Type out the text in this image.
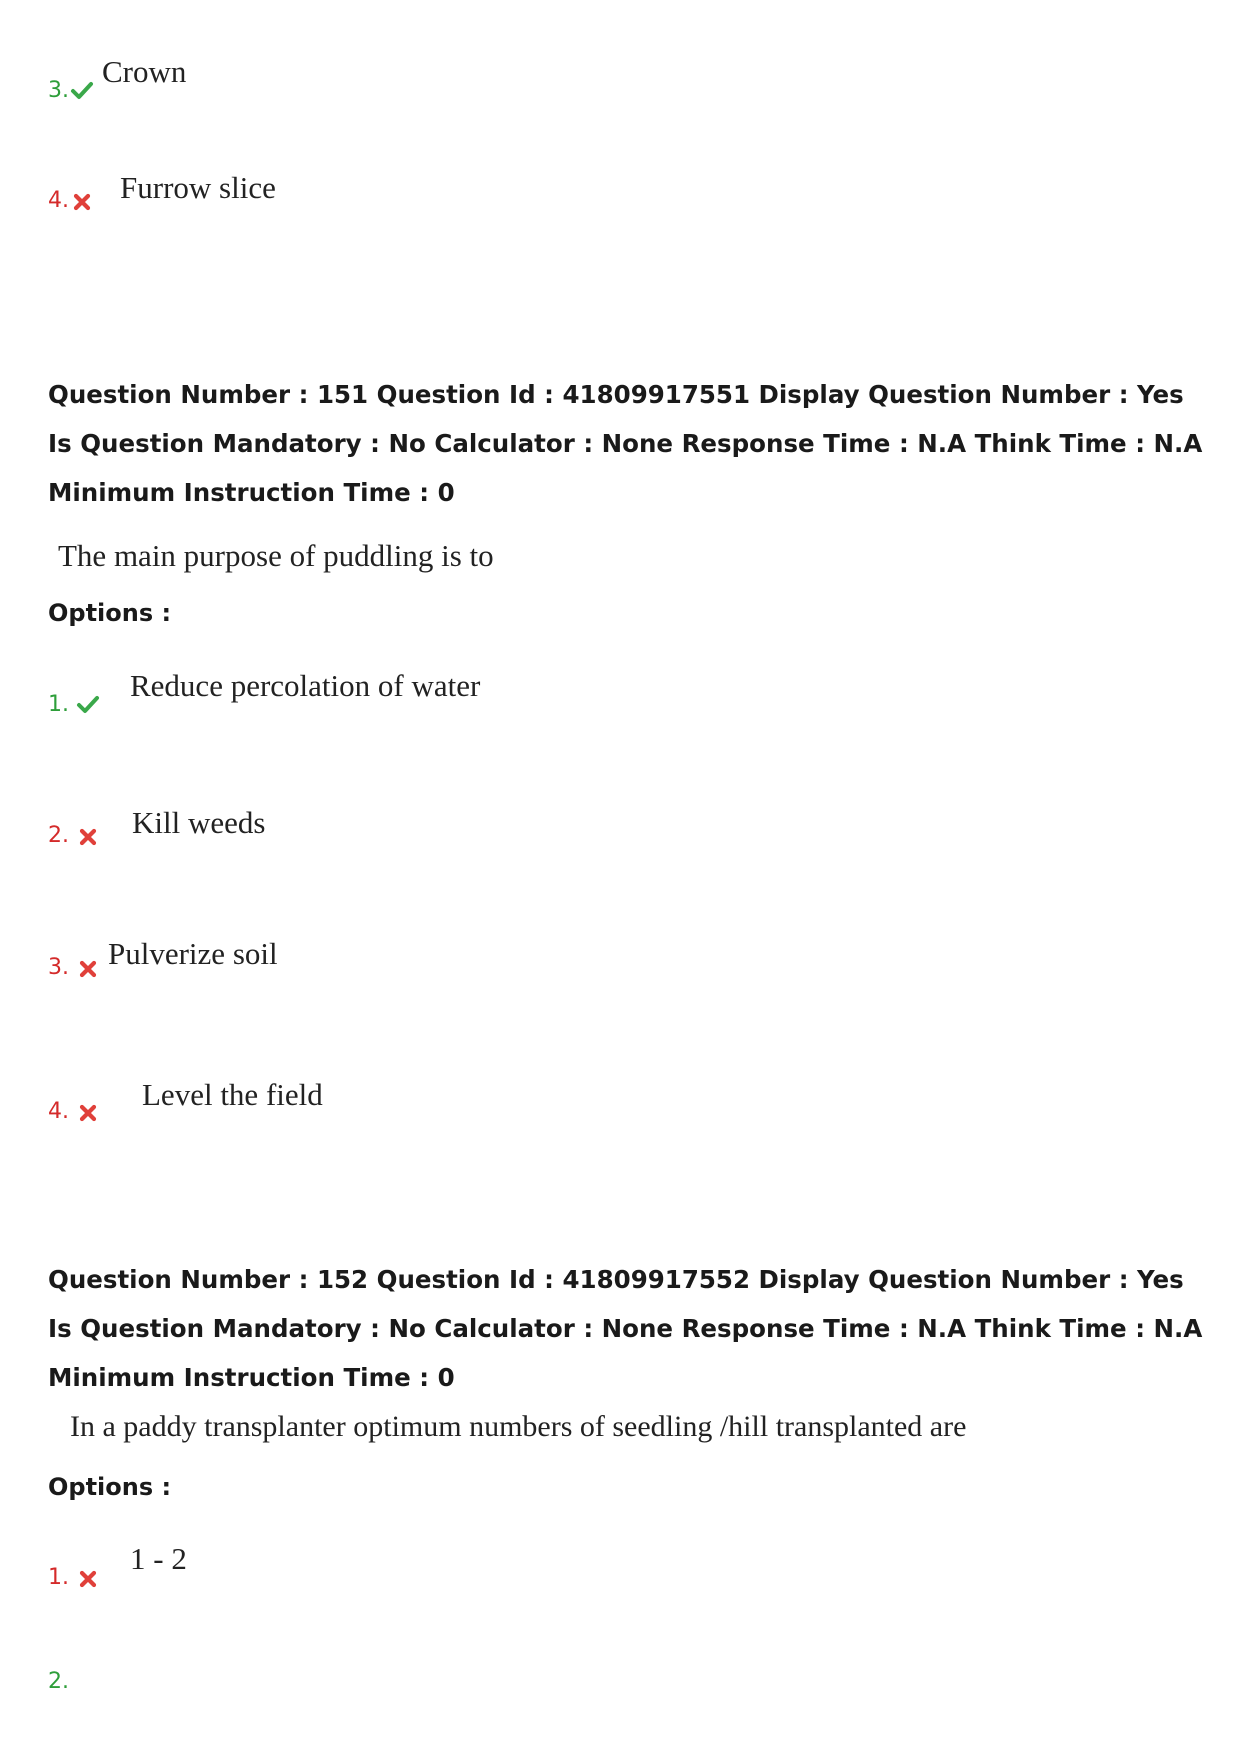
3.
Crown
4. Furrow slice
Question Number : 151 Question Id : 41809917551 Display Question Number : Yes Is Question Mandatory : No Calculator : None Response Time : N.A Think Time : N.A Minimum Instruction Time : 0
The main purpose of puddling is to
Options :
1.
Reduce percolation of water
2. Kill weeds
3. Pulverize soil
4. Level the field
Question Number : 152 Question Id : 41809917552 Display Question Number : Yes Is Question Mandatory : No Calculator : None Response Time : N.A Think Time : N.A Minimum Instruction Time : 0
In a paddy transplanter optimum numbers of seedling /hill transplanted are
Options :
1.
1 - 2
2.
